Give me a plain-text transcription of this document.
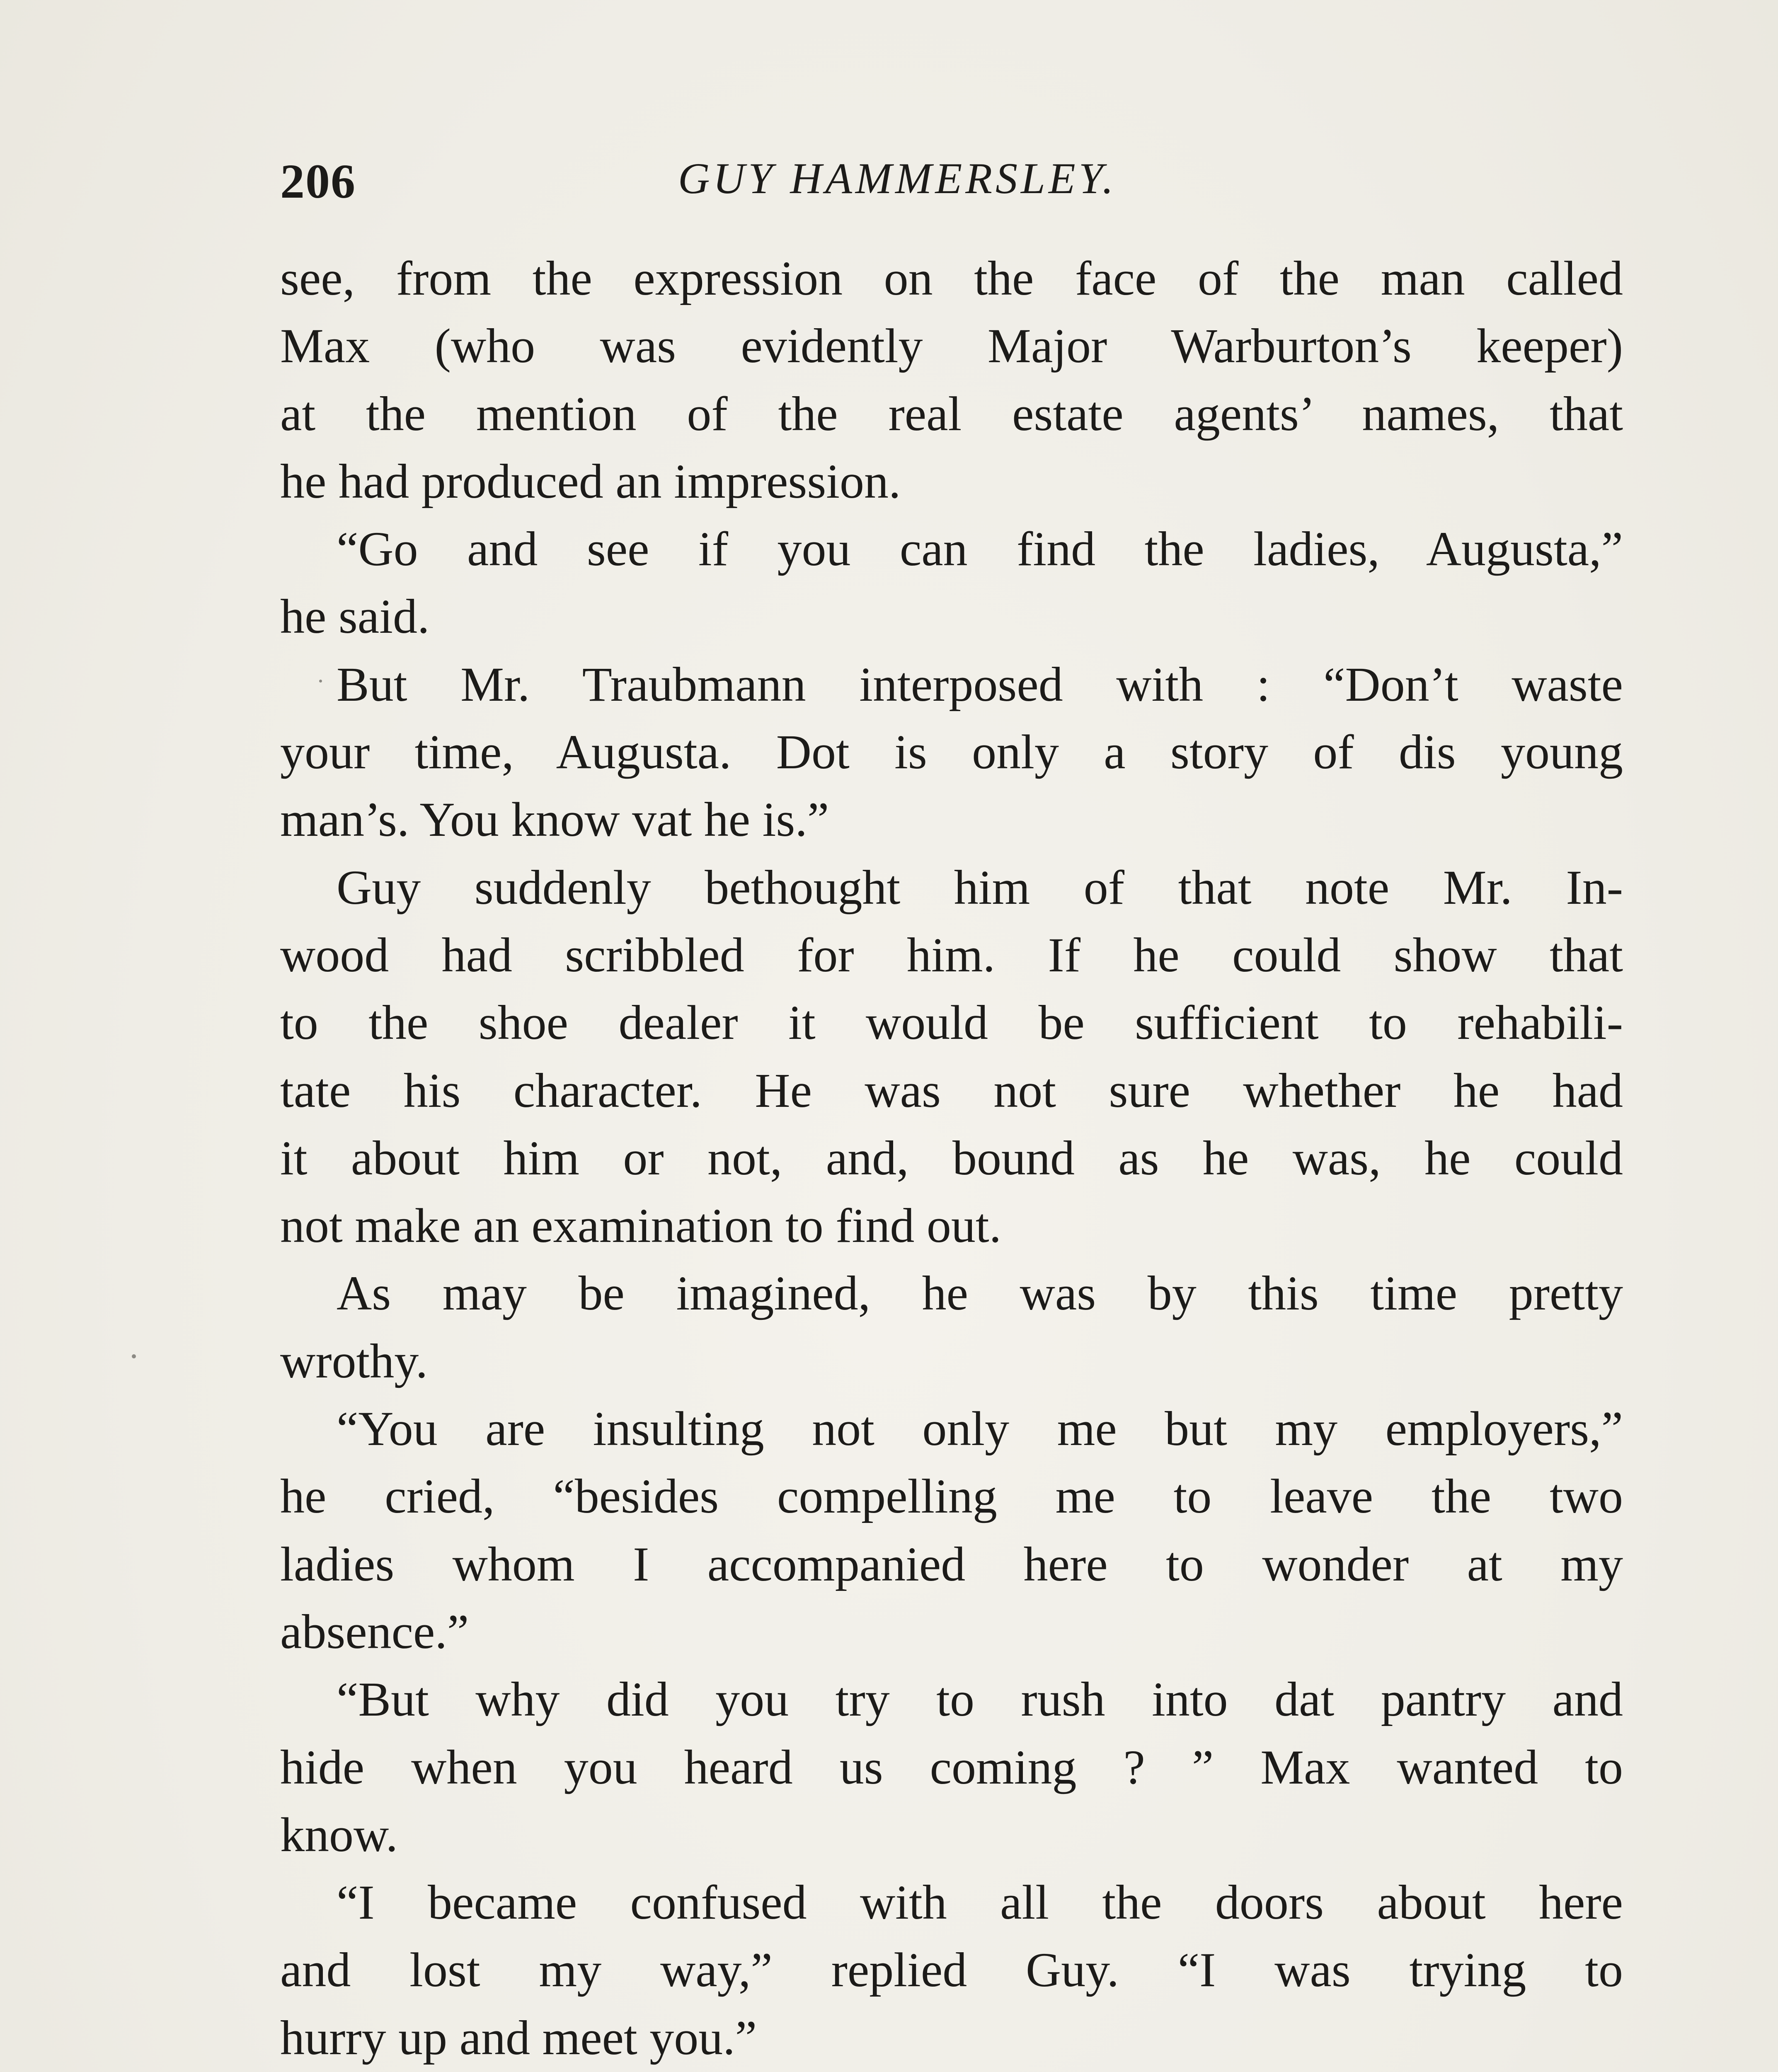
206	GUY HAMMERSLEY.
see, from the expression on the face of the man called
Max (who was evidently Major Warburton’s keeper)
at the mention of the real estate agents’ names, that
he had produced an impression.
“Go and see if you can find the ladies, Augusta,”
he said.
But Mr. Traubmann interposed with : “Don’t waste
your time, Augusta. Dot is only a story of dis young
man’s. You know vat he is.”
Guy suddenly bethought him of that note Mr. In-
wood had scribbled for him. If he could show that
to the shoe dealer it would be sufficient to rehabili-
tate his character. He was not sure whether he had
it about him or not, and, bound as he was, he could
not make an examination to find out.
As may be imagined, he was by this time pretty
wrothy.
“You are insulting not only me but my employers,”
he cried, “besides compelling me to leave the two
ladies whom I accompanied here to wonder at my
absence.”
“But why did you try to rush into dat pantry and
hide when you heard us coming ? ” Max wanted to
know.
“I became confused with all the doors about here
and lost my way,” replied Guy. “I was trying to
hurry up and meet you.”
